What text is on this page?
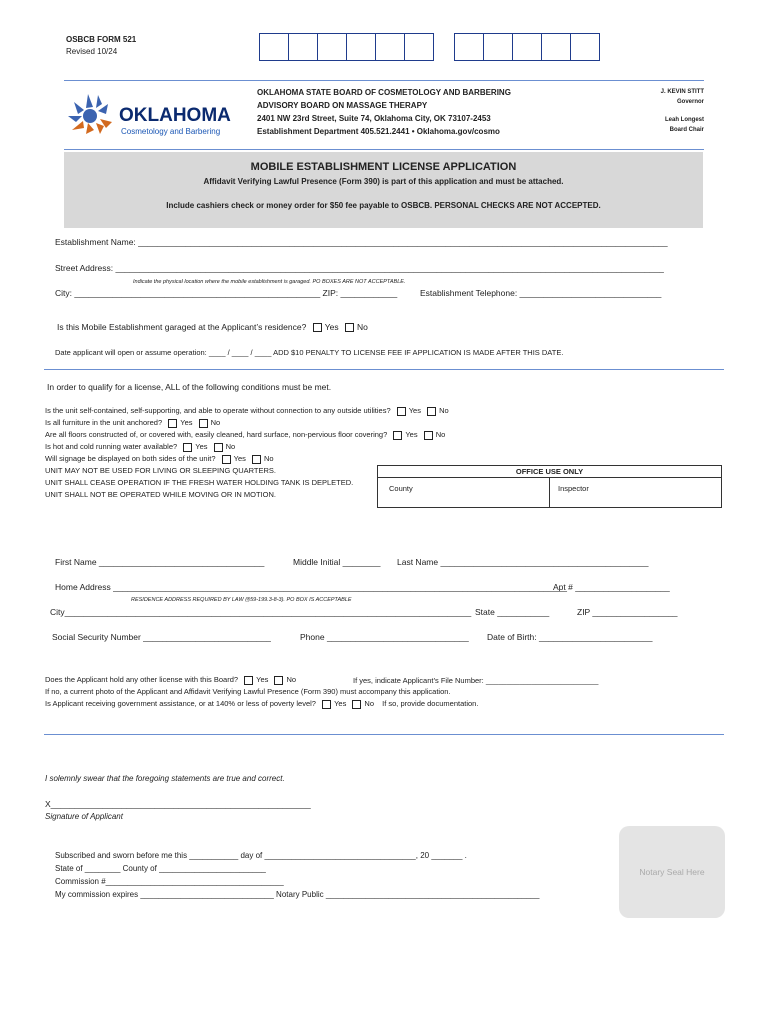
OSBCB FORM 521
Revised 10/24
OKLAHOMA
Cosmetology and Barbering
OKLAHOMA STATE BOARD OF COSMETOLOGY AND BARBERING
ADVISORY BOARD ON MASSAGE THERAPY
2401 NW 23rd Street, Suite 74, Oklahoma City, OK 73107-2453
Establishment Department 405.521.2441 • Oklahoma.gov/cosmo
J. KEVIN STITT
Governor
Leah Longest
Board Chair
MOBILE ESTABLISHMENT LICENSE APPLICATION
Affidavit Verifying Lawful Presence (Form 390) is part of this application and must be attached.
Include cashiers check or money order for $50 fee payable to OSBCB. PERSONAL CHECKS ARE NOT ACCEPTED.
Establishment Name: ________________________________________________________________________________________________________________
Street Address: ____________________________________________________________________________________________________________________
Indicate the physical location where the mobile establishment is garaged. PO BOXES ARE NOT ACCEPTABLE.
City: ____________________________________________________ ZIP: ____________	Establishment Telephone: ______________________________
Is this Mobile Establishment garaged at the Applicant’s residence? Yes No
Date applicant will open or assume operation: ____ / ____ / ____ ADD $10 PENALTY TO LICENSE FEE IF APPLICATION IS MADE AFTER THIS DATE.
In order to qualify for a license, ALL of the following conditions must be met.
Is the unit self-contained, self-supporting, and able to operate without connection to any outside utilities? Yes No
Is all furniture in the unit anchored? Yes No
Are all floors constructed of, or covered with, easily cleaned, hard surface, non-pervious floor covering? Yes No
Is hot and cold running water available? Yes No
Will signage be displayed on both sides of the unit? Yes No
UNIT MAY NOT BE USED FOR LIVING OR SLEEPING QUARTERS.
UNIT SHALL CEASE OPERATION IF THE FRESH WATER HOLDING TANK IS DEPLETED.
UNIT SHALL NOT BE OPERATED WHILE MOVING OR IN MOTION.
OFFICE USE ONLY
County	Inspector
First Name ___________________________________	Middle Initial ________ Last Name ____________________________________________
Home Address ________________________________________________________________________________________________
Apt # ____________________
RESIDENCE ADDRESS REQUIRED BY LAW (§59-199.3-8-3). PO BOX IS ACCEPTABLE
City______________________________________________________________________________________ State ___________	ZIP __________________
Social Security Number ___________________________	Phone ______________________________ Date of Birth: ________________________
Does the Applicant hold any other license with this Board? Yes No	If yes, indicate Applicant’s File Number: ___________________________
If no, a current photo of the Applicant and Affidavit Verifying Lawful Presence (Form 390) must accompany this application.
Is Applicant receiving government assistance, or at 140% or less of poverty level? Yes No If so, provide documentation.
I solemnly swear that the foregoing statements are true and correct.
X_______________________________________________________
Signature of Applicant
Subscribed and sworn before me this ___________ day of __________________________________, 20 _______ .
State of ________ County of ________________________
Commission #________________________________________
My commission expires ______________________________ Notary Public ________________________________________________
Notary Seal Here
